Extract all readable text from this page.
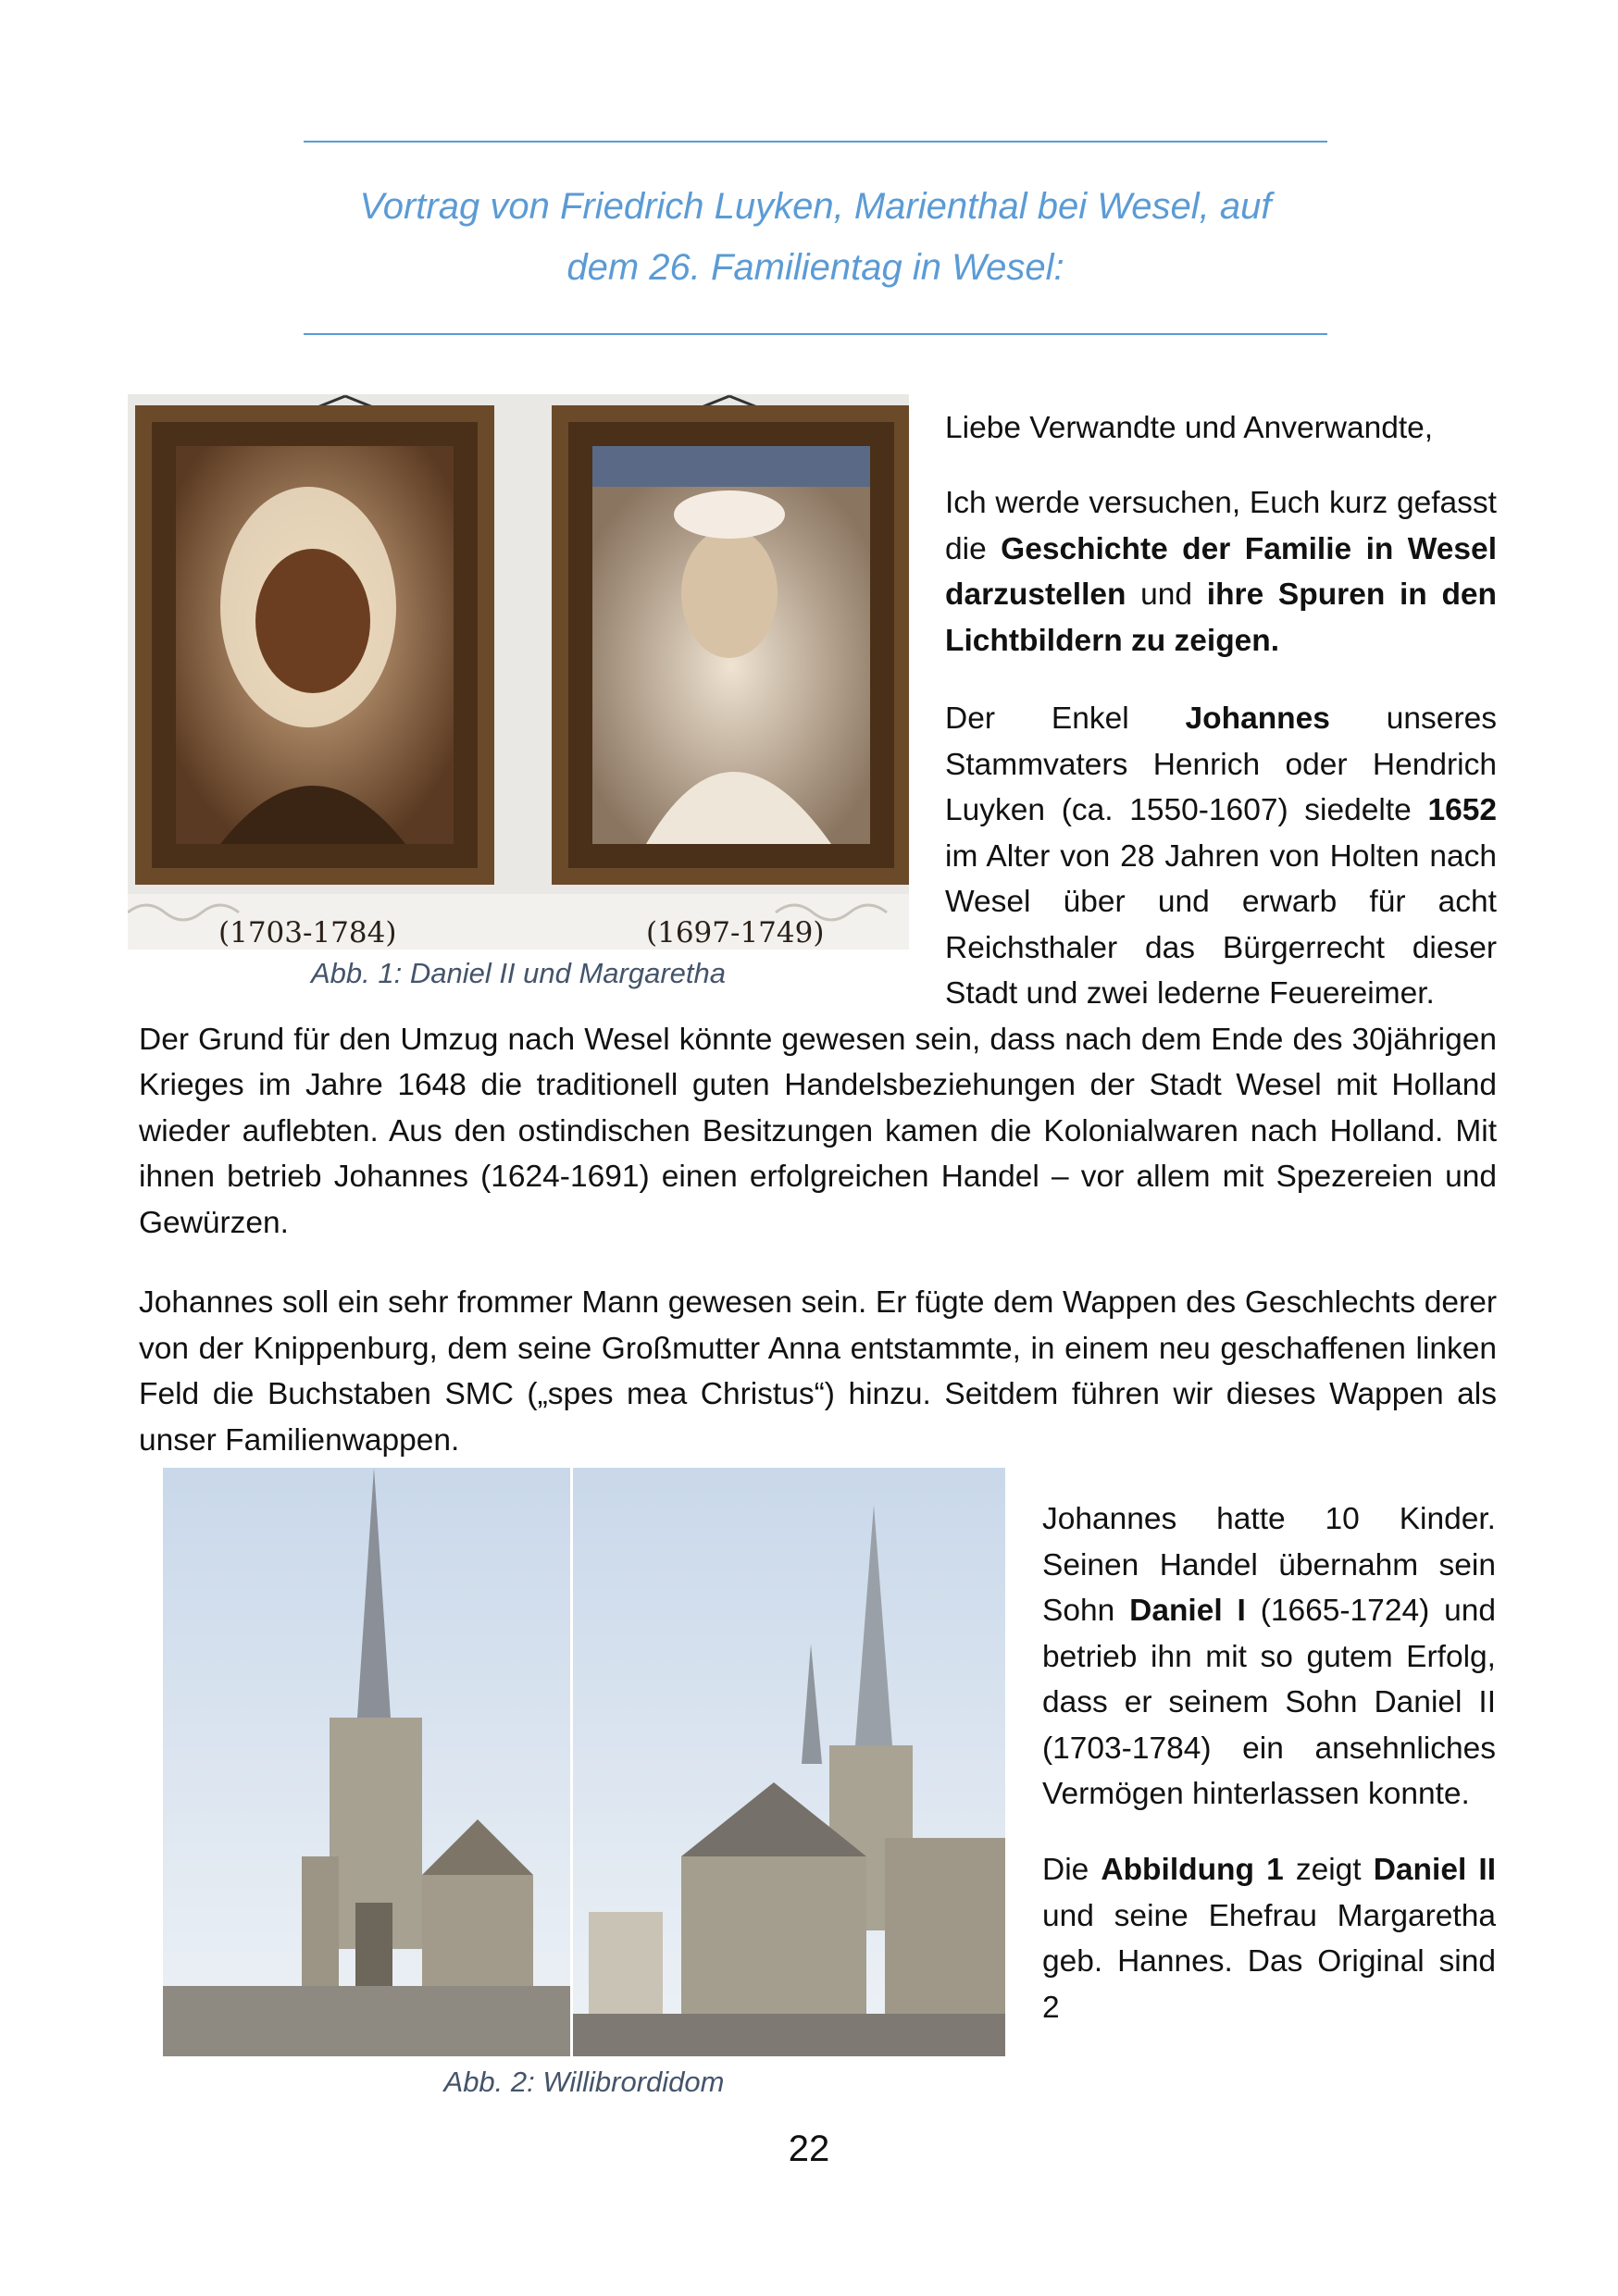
Vortrag von Friedrich Luyken, Marienthal bei Wesel, auf
dem 26. Familientag in Wesel:
(1703-1784)	(1697-1749)
Abb. 1: Daniel II und Margaretha

Liebe Verwandte und Anverwandte,

Ich werde versuchen, Euch kurz gefasst die Geschichte der Familie in Wesel darzustellen und ihre Spuren in den Lichtbildern zu zeigen.

Der Enkel Johannes unseres Stammvaters Henrich oder Hendrich Luyken (ca. 1550-1607) siedelte 1652 im Alter von 28 Jahren von Holten nach Wesel über und erwarb für acht Reichsthaler das Bürgerrecht dieser Stadt und zwei lederne Feuereimer.
Der Grund für den Umzug nach Wesel könnte gewesen sein, dass nach dem Ende des 30jährigen Krieges im Jahre 1648 die traditionell guten Handelsbeziehungen der Stadt Wesel mit Holland wieder auflebten. Aus den ostindischen Besitzungen kamen die Kolonialwaren nach Holland. Mit ihnen betrieb Johannes (1624-1691) einen erfolgreichen Handel – vor allem mit Spezereien und Gewürzen.

Johannes soll ein sehr frommer Mann gewesen sein. Er fügte dem Wappen des Geschlechts derer von der Knippenburg, dem seine Großmutter Anna entstammte, in einem neu geschaffenen linken Feld die Buchstaben SMC („spes mea Christus“) hinzu. Seitdem führen wir dieses Wappen als unser Familienwappen.

Abb. 2: Willibrordidom

Johannes hatte 10 Kinder. Seinen Handel übernahm sein Sohn Daniel I (1665-1724) und betrieb ihn mit so gutem Erfolg, dass er seinem Sohn Daniel II (1703-1784) ein ansehnliches Vermögen hinterlassen konnte.

Die Abbildung 1 zeigt Daniel II und seine Ehefrau Margaretha geb. Hannes. Das Original sind 2

22
